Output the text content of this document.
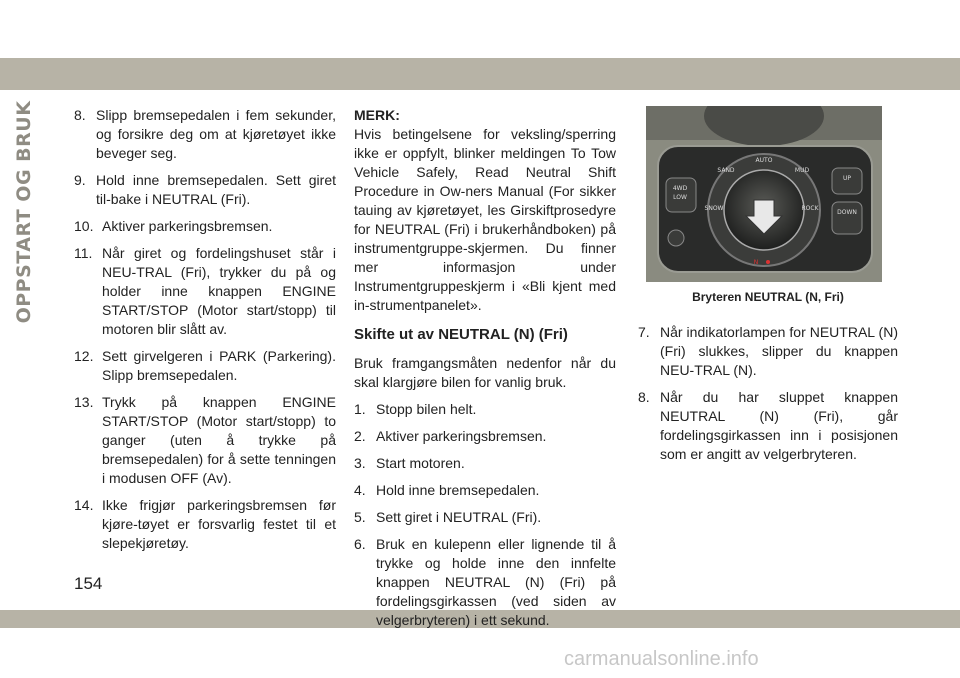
OPPSTART OG BRUK	8. Slipp bremsepedalen i fem sekunder, og forsikre deg om at kjøretøyet ikke beveger seg.
9. Hold inne bremsepedalen. Sett giret til-bake i NEUTRAL (Fri).
10. Aktiver parkeringsbremsen.
11. Når giret og fordelingshuset står i NEU-TRAL (Fri), trykker du på og holder inne knappen ENGINE START/STOP (Motor start/stopp) til motoren blir slått av.
12. Sett girvelgeren i PARK (Parkering). Slipp bremsepedalen.
13. Trykk på knappen ENGINE START/STOP (Motor start/stopp) to ganger (uten å trykke på bremsepedalen) for å sette tenningen i modusen OFF (Av).
14. Ikke frigjør parkeringsbremsen før kjøre-tøyet er forsvarlig festet til et slepekjøretøy.

MERK:

Hvis betingelsene for veksling/sperring ikke er oppfylt, blinker meldingen To Tow Vehicle Safely, Read Neutral Shift Procedure in Ow-ners Manual (For sikker tauing av kjøretøyet, les Girskiftprosedyre for NEUTRAL (Fri) i brukerhåndboken) på instrumentgruppe-skjermen. Du finner mer informasjon under Instrumentgruppeskjerm i «Bli kjent med in-strumentpanelet».

Skifte ut av NEUTRAL (N) (Fri)

Bruk framgangsmåten nedenfor når du skal klargjøre bilen for vanlig bruk.

1. Stopp bilen helt.
2. Aktiver parkeringsbremsen.
3. Start motoren.
4. Hold inne bremsepedalen.
5. Sett giret i NEUTRAL (Fri).
6. Bruk en kulepenn eller lignende til å trykke og holde inne den innfelte knappen NEUTRAL (N) (Fri) på fordelingsgirkassen (ved siden av velgerbryteren) i ett sekund.
4WD
LOW
AUTO
SAND	MUD
SNOW	ROCK
UP
DOWN
N

Bryteren NEUTRAL (N, Fri)

7. Når indikatorlampen for NEUTRAL (N) (Fri) slukkes, slipper du knappen NEU-TRAL (N).
8. Når du har sluppet knappen NEUTRAL (N) (Fri), går fordelingsgirkassen inn i posisjonen som er angitt av velgerbryteren.
154
carmanualsonline.info
